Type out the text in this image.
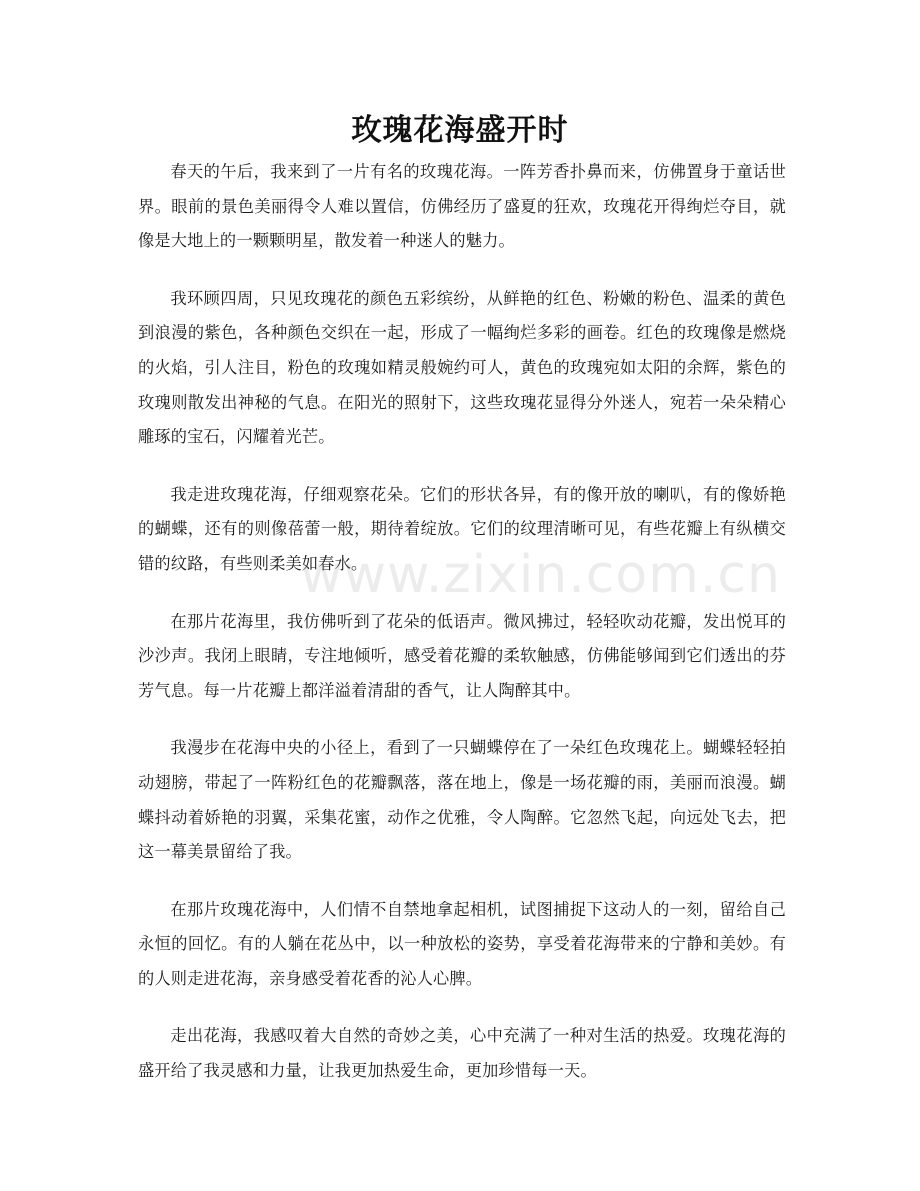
玫瑰花海盛开时

春天的午后，我来到了一片有名的玫瑰花海。一阵芳香扑鼻而来，仿佛置身于童话世界。眼前的景色美丽得令人难以置信，仿佛经历了盛夏的狂欢，玫瑰花开得绚烂夺目，就像是大地上的一颗颗明星，散发着一种迷人的魅力。

我环顾四周，只见玫瑰花的颜色五彩缤纷，从鲜艳的红色、粉嫩的粉色、温柔的黄色到浪漫的紫色，各种颜色交织在一起，形成了一幅绚烂多彩的画卷。红色的玫瑰像是燃烧的火焰，引人注目，粉色的玫瑰如精灵般婉约可人，黄色的玫瑰宛如太阳的余辉，紫色的玫瑰则散发出神秘的气息。在阳光的照射下，这些玫瑰花显得分外迷人，宛若一朵朵精心雕琢的宝石，闪耀着光芒。

我走进玫瑰花海，仔细观察花朵。它们的形状各异，有的像开放的喇叭，有的像娇艳的蝴蝶，还有的则像蓓蕾一般，期待着绽放。它们的纹理清晰可见，有些花瓣上有纵横交错的纹路，有些则柔美如春水。

在那片花海里，我仿佛听到了花朵的低语声。微风拂过，轻轻吹动花瓣，发出悦耳的沙沙声。我闭上眼睛，专注地倾听，感受着花瓣的柔软触感，仿佛能够闻到它们透出的芬芳气息。每一片花瓣上都洋溢着清甜的香气，让人陶醉其中。

我漫步在花海中央的小径上，看到了一只蝴蝶停在了一朵红色玫瑰花上。蝴蝶轻轻拍动翅膀，带起了一阵粉红色的花瓣飘落，落在地上，像是一场花瓣的雨，美丽而浪漫。蝴蝶抖动着娇艳的羽翼，采集花蜜，动作之优雅，令人陶醉。它忽然飞起，向远处飞去，把这一幕美景留给了我。

在那片玫瑰花海中，人们情不自禁地拿起相机，试图捕捉下这动人的一刻，留给自己永恒的回忆。有的人躺在花丛中，以一种放松的姿势，享受着花海带来的宁静和美妙。有的人则走进花海，亲身感受着花香的沁人心脾。

走出花海，我感叹着大自然的奇妙之美，心中充满了一种对生活的热爱。玫瑰花海的盛开给了我灵感和力量，让我更加热爱生命，更加珍惜每一天。

www.zixin.com.cn
